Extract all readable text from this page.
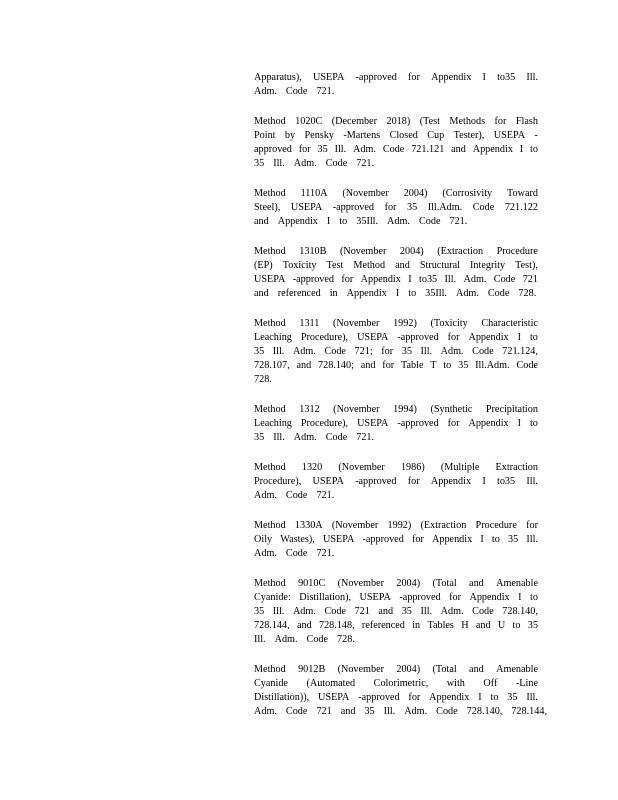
Apparatus), USEPA -approved for Appendix I to35 Ill.
Adm. Code 721.
Method 1020C (December 2018) (Test Methods for Flash
Point by Pensky -Martens Closed Cup Tester), USEPA -
approved for 35 Ill. Adm. Code 721.121 and Appendix I to
35 Ill. Adm. Code 721.
Method 1110A (November 2004) (Corrosivity Toward
Steel), USEPA -approved for 35 Ill.Adm. Code 721.122
and Appendix I to 35Ill. Adm. Code 721.
Method 1310B (November 2004) (Extraction Procedure
(EP) Toxicity Test Method and Structural Integrity Test),
USEPA -approved for Appendix I to35 Ill. Adm. Code 721
and referenced in Appendix I to 35Ill. Adm. Code 728.
Method 1311 (November 1992) (Toxicity Characteristic
Leaching Procedure), USEPA -approved for Appendix I to
35 Ill. Adm. Code 721; for 35 Ill. Adm. Code 721.124,
728.107, and 728.140; and for Table T to 35 Ill.Adm. Code
728.
Method 1312 (November 1994) (Synthetic Precipitation
Leaching Procedure), USEPA -approved for Appendix I to
35 Ill. Adm. Code 721.
Method 1320 (November 1986) (Multiple Extraction
Procedure), USEPA -approved for Appendix I to35 Ill.
Adm. Code 721.
Method 1330A (November 1992) (Extraction Procedure for
Oily Wastes), USEPA -approved for Appendix I to 35 Ill.
Adm. Code 721.
Method 9010C (November 2004) (Total and Amenable
Cyanide: Distillation), USEPA -approved for Appendix I to
35 Ill. Adm. Code 721 and 35 Ill. Adm. Code 728.140,
728.144, and 728.148, referenced in Tables H and U to 35
Ill. Adm. Code 728.
Method 9012B (November 2004) (Total and Amenable
Cyanide (Automated Colorimetric, with Off -Line
Distillation)), USEPA -approved for Appendix I to 35 Ill.
Adm. Code 721 and 35 Ill. Adm. Code 728.140, 728.144,
